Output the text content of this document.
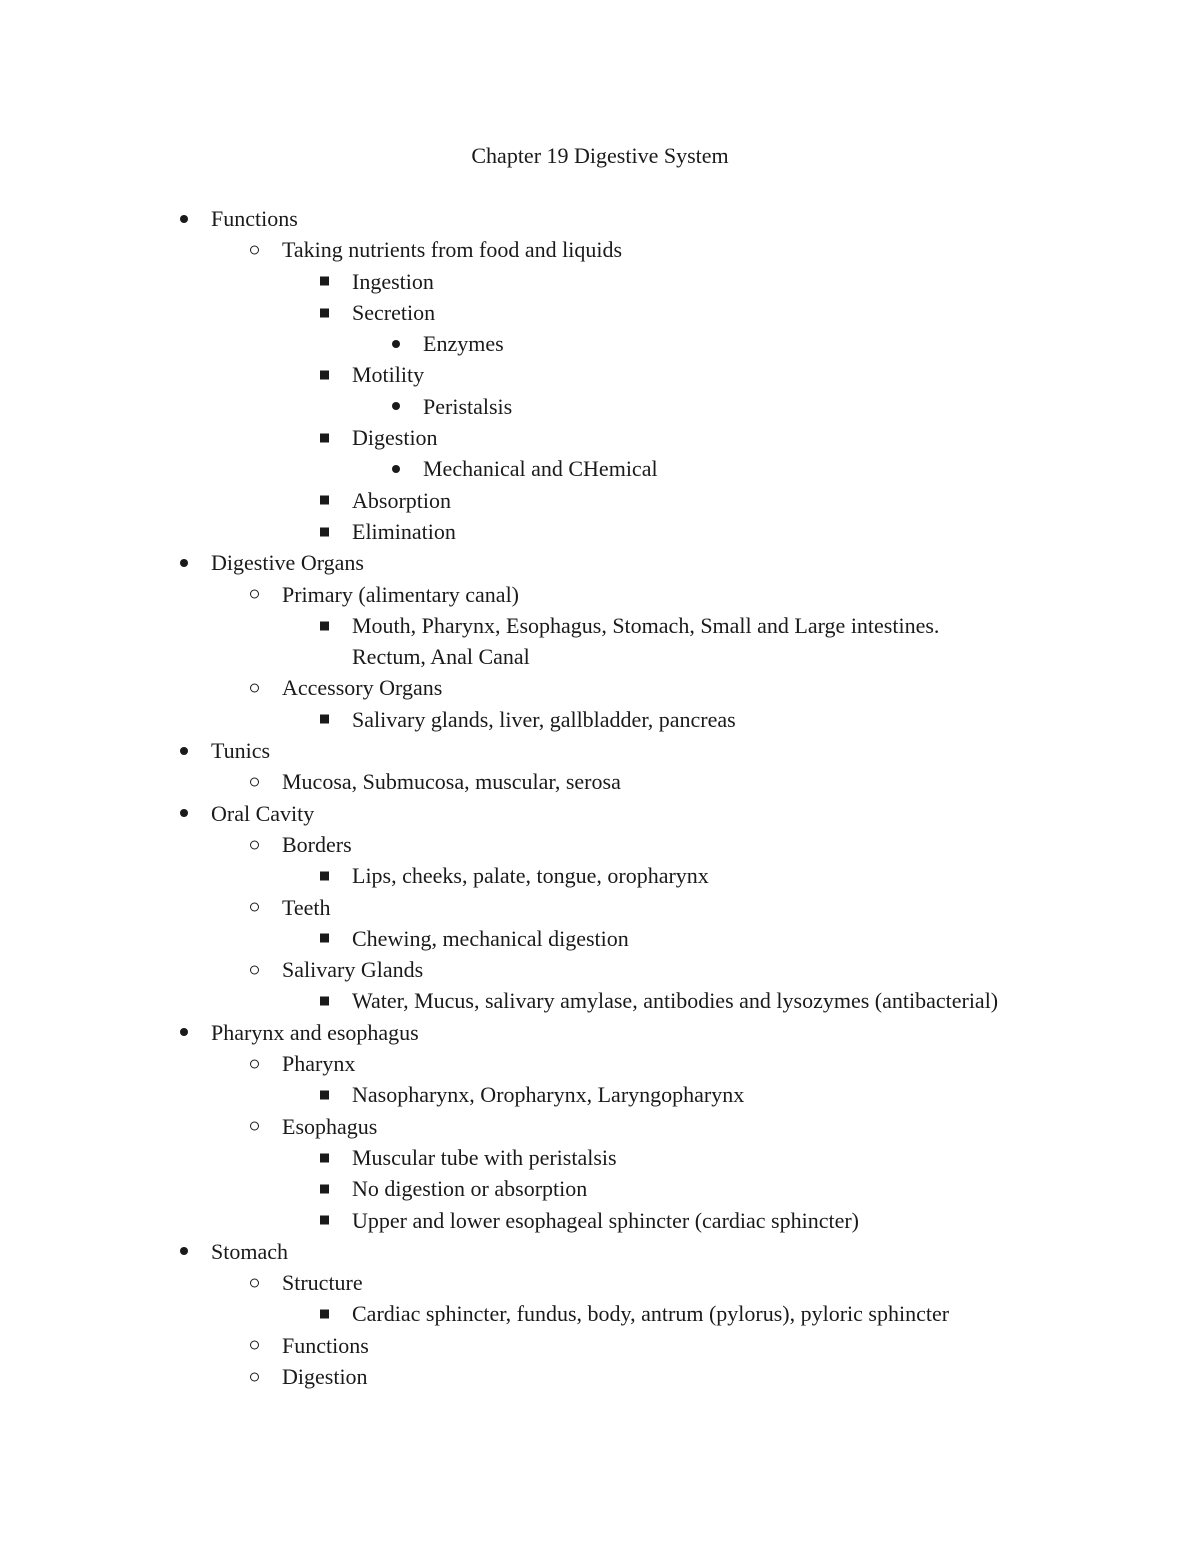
Chapter 19 Digestive System
Functions
Taking nutrients from food and liquids
Ingestion
Secretion
Enzymes
Motility
Peristalsis
Digestion
Mechanical and CHemical
Absorption
Elimination
Digestive Organs
Primary (alimentary canal)
Mouth, Pharynx, Esophagus, Stomach, Small and Large intestines.
Rectum, Anal Canal
Accessory Organs
Salivary glands, liver, gallbladder, pancreas
Tunics
Mucosa, Submucosa, muscular, serosa
Oral Cavity
Borders
Lips, cheeks, palate, tongue, oropharynx
Teeth
Chewing, mechanical digestion
Salivary Glands
Water, Mucus, salivary amylase, antibodies and lysozymes (antibacterial)
Pharynx and esophagus
Pharynx
Nasopharynx, Oropharynx, Laryngopharynx
Esophagus
Muscular tube with peristalsis
No digestion or absorption
Upper and lower esophageal sphincter (cardiac sphincter)
Stomach
Structure
Cardiac sphincter, fundus, body, antrum (pylorus), pyloric sphincter
Functions
Digestion
